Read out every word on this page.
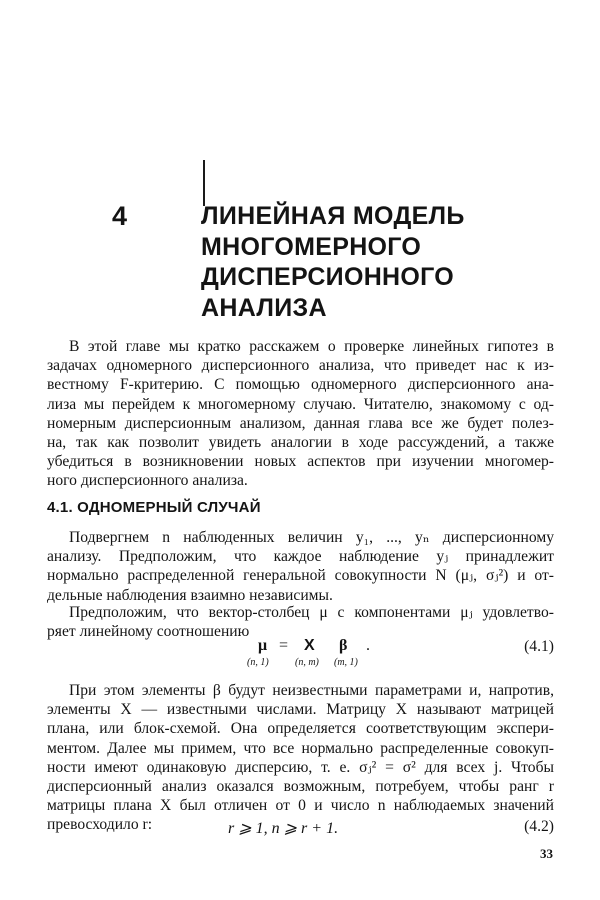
4	ЛИНЕЙНАЯ МОДЕЛЬ
МНОГОМЕРНОГО
ДИСПЕРСИОННОГО
АНАЛИЗА
В этой главе мы кратко расскажем о проверке линейных гипотез в
задачах одномерного дисперсионного анализа, что приведет нас к из-
вестному F-критерию. С помощью одномерного дисперсионного ана-
лиза мы перейдем к многомерному случаю. Читателю, знакомому с од-
номерным дисперсионным анализом, данная глава все же будет полез-
на, так как позволит увидеть аналогии в ходе рассуждений, а также
убедиться в возникновении новых аспектов при изучении многомер-
ного дисперсионного анализа.
4.1. ОДНОМЕРНЫЙ СЛУЧАЙ
Подвергнем n наблюденных величин y₁, ..., yₙ дисперсионному
анализу. Предположим, что каждое наблюдение yⱼ принадлежит
нормально распределенной генеральной совокупности N (μⱼ, σⱼ²) и от-
дельные наблюдения взаимно независимы.
Предположим, что вектор-столбец μ с компонентами μⱼ удовлетво-
ряет линейному соотношению
μ = X β .
(n, 1)	(n, m) (m, 1)
(4.1)
При этом элементы β будут неизвестными параметрами и, напротив,
элементы X — известными числами. Матрицу X называют матрицей
плана, или блок-схемой. Она определяется соответствующим экспери-
ментом. Далее мы примем, что все нормально распределенные совокуп-
ности имеют одинаковую дисперсию, т. е. σⱼ² = σ² для всех j. Чтобы
дисперсионный анализ оказался возможным, потребуем, чтобы ранг r
матрицы плана X был отличен от 0 и число n наблюдаемых значений
превосходило r:	r ⩾ 1, n ⩾ r + 1.	(4.2)
33
